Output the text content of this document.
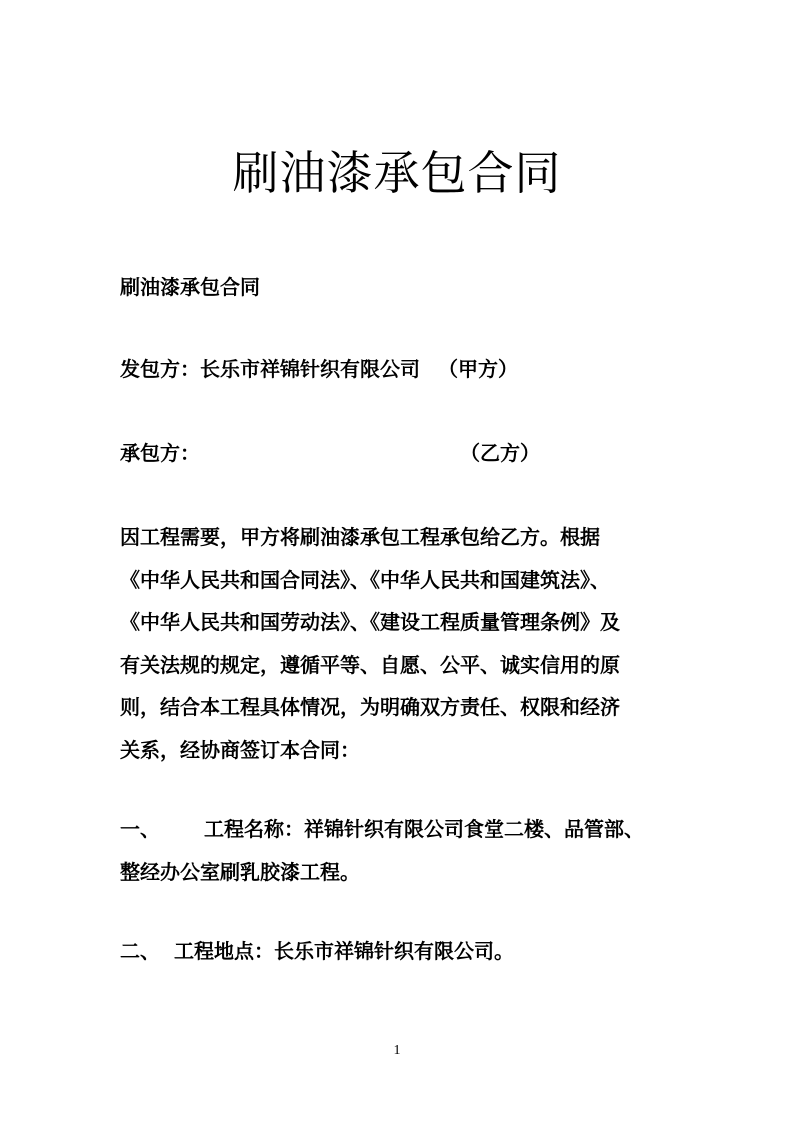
刷油漆承包合同
刷油漆承包合同
发包方：长乐市祥锦针织有限公司 （甲方）
承包方：	（乙方）
因工程需要，甲方将刷油漆承包工程承包给乙方。根据
《中华人民共和国合同法》、《中华人民共和国建筑法》、
《中华人民共和国劳动法》、《建设工程质量管理条例》及
有关法规的规定，遵循平等、自愿、公平、诚实信用的原
则，结合本工程具体情况，为明确双方责任、权限和经济
关系，经协商签订本合同：
一、 工程名称：祥锦针织有限公司食堂二楼、品管部、
整经办公室刷乳胶漆工程。
二、 工程地点：长乐市祥锦针织有限公司。
1
